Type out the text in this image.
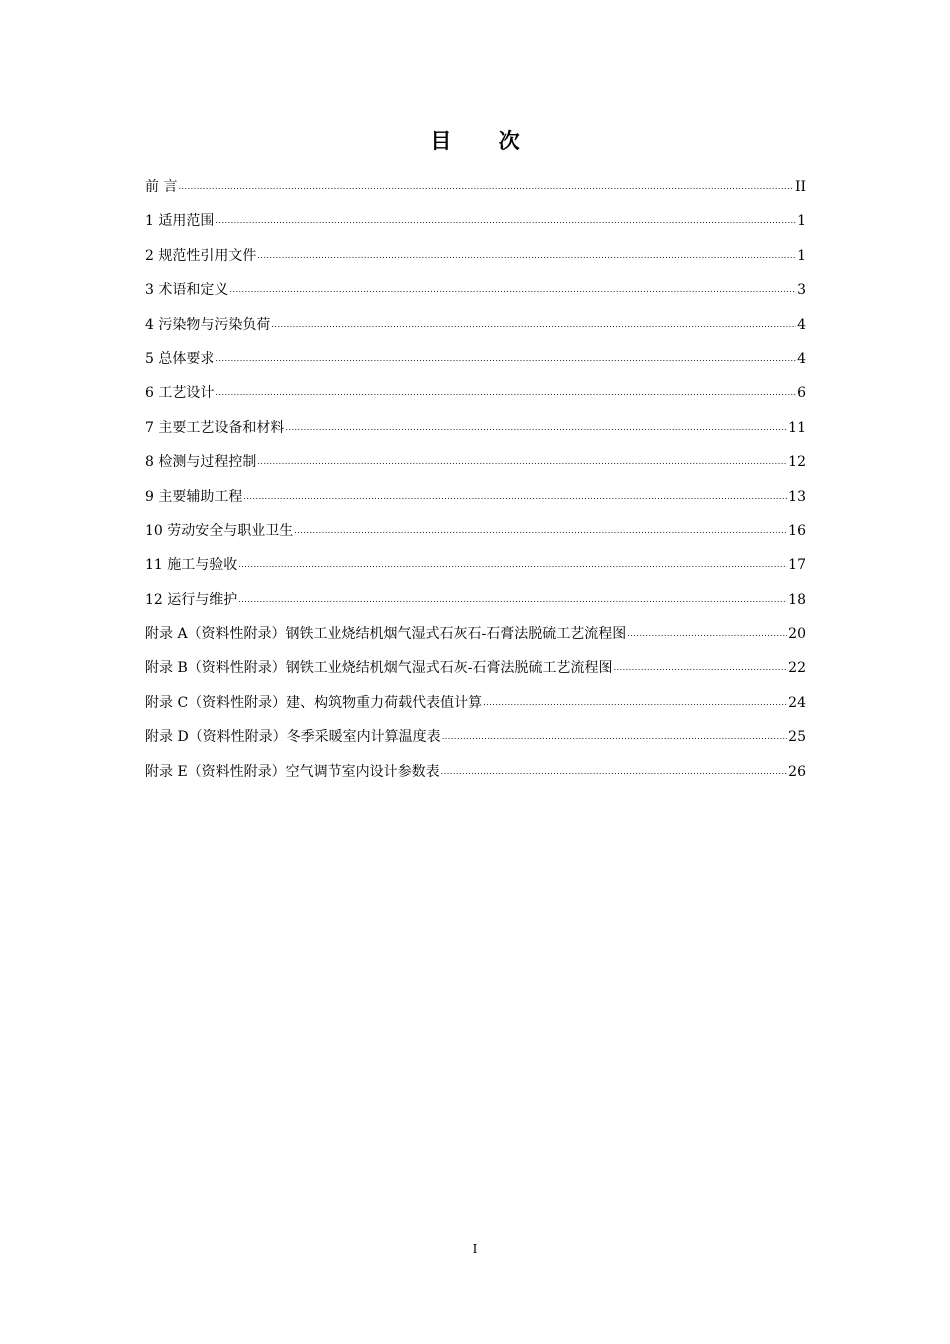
目 次
前 言 .....	II
1 适用范围 .....	1
2 规范性引用文件 .....	1
3 术语和定义 .....	3
4 污染物与污染负荷 .....	4
5 总体要求 .....	4
6 工艺设计 .....	6
7 主要工艺设备和材料 .....	11
8 检测与过程控制 .....	12
9 主要辅助工程 .....	13
10 劳动安全与职业卫生 .....	16
11 施工与验收 .....	17
12 运行与维护 .....	18
附录 A（资料性附录）钢铁工业烧结机烟气湿式石灰石-石膏法脱硫工艺流程图 .....	20
附录 B（资料性附录）钢铁工业烧结机烟气湿式石灰-石膏法脱硫工艺流程图 .....	22
附录 C（资料性附录）建、构筑物重力荷载代表值计算 .....	24
附录 D（资料性附录）冬季采暖室内计算温度表 .....	25
附录 E（资料性附录）空气调节室内设计参数表 .....	26
I
